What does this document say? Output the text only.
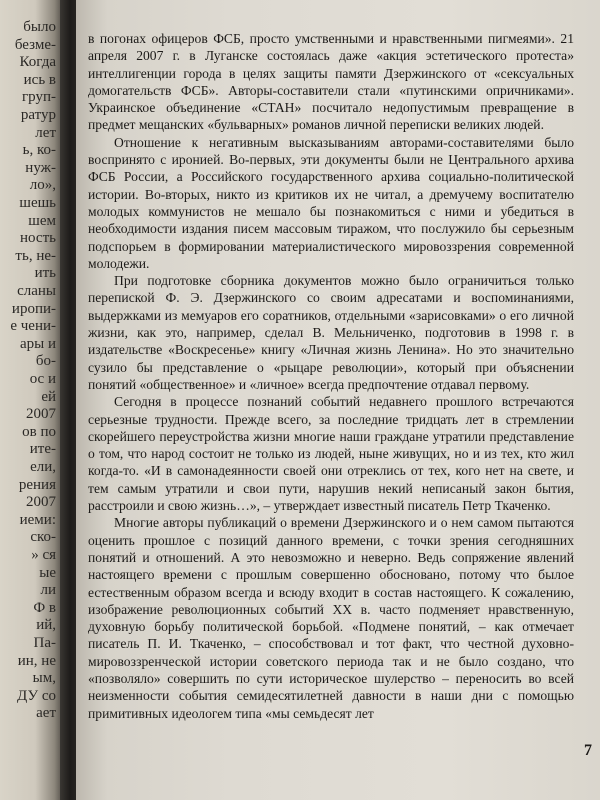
было
безме-
Когда
ись в
груп-
ратур
лет
ь, ко-
нуж-
ло»,
шешь
шем
ность
ть, не-
ить
сланы
иропи-
е чени-
ары и
бо-
ос и
ей
2007
ов по
ите-
ели,
рения
2007
иеми:
ско-
» ся
ые
ли
Ф в
ий,
Па-
ин, не
ым,
ДУ со
ает

в погонах офицеров ФСБ, просто умственными и нравственными пигмеями». 21 апреля 2007 г. в Луганске состоялась даже «акция эстетического протеста» интеллигенции города в целях защиты памяти Дзержинского от «сексуальных домогательств ФСБ». Авторы-составители стали «путинскими опричниками». Украинское объединение «СТАН» посчитало недопустимым превращение в предмет мещанских «бульварных» романов личной переписки великих людей.

Отношение к негативным высказываниям авторами-составителями было воспринято с иронией. Во-первых, эти документы были не Центрального архива ФСБ России, а Российского государственного архива социально-политической истории. Во-вторых, никто из критиков их не читал, а дремучему воспитателю молодых коммунистов не мешало бы познакомиться с ними и убедиться в необходимости издания писем массовым тиражом, что послужило бы серьезным подспорьем в формировании материалистического мировоззрения современной молодежи.

При подготовке сборника документов можно было ограничиться только перепиской Ф. Э. Дзержинского со своим адресатами и воспоминаниями, выдержками из мемуаров его соратников, отдельными «зарисовками» о его личной жизни, как это, например, сделал В. Мельниченко, подготовив в 1998 г. в издательстве «Воскресенье» книгу «Личная жизнь Ленина». Но это значительно сузило бы представление о «рыцаре революции», который при объяснении понятий «общественное» и «личное» всегда предпочтение отдавал первому.

Сегодня в процессе познаний событий недавнего прошлого встречаются серьезные трудности. Прежде всего, за последние тридцать лет в стремлении скорейшего переустройства жизни многие наши граждане утратили представление о том, что народ состоит не только из людей, ныне живущих, но и из тех, кто жил когда-то. «И в самонадеянности своей они отреклись от тех, кого нет на свете, и тем самым утратили и свои пути, нарушив некий неписаный закон бытия, расстроили и свою жизнь…», – утверждает известный писатель Петр Ткаченко.

Многие авторы публикаций о времени Дзержинского и о нем самом пытаются оценить прошлое с позиций данного времени, с точки зрения сегодняшних понятий и отношений. А это невозможно и неверно. Ведь сопряжение явлений настоящего времени с прошлым совершенно обосновано, потому что былое естественным образом всегда и всюду входит в состав настоящего. К сожалению, изображение революционных событий ХХ в. часто подменяет нравственную, духовную борьбу политической борьбой. «Подмене понятий, – как отмечает писатель П. И. Ткаченко, – способствовал и тот факт, что честной духовно-мировоззренческой истории советского периода так и не было создано, что «позволяло» совершить по сути историческое шулерство – переносить во всей неизменности события семидесятилетней давности в наши дни с помощью примитивных идеологем типа «мы семьдесят лет

7
